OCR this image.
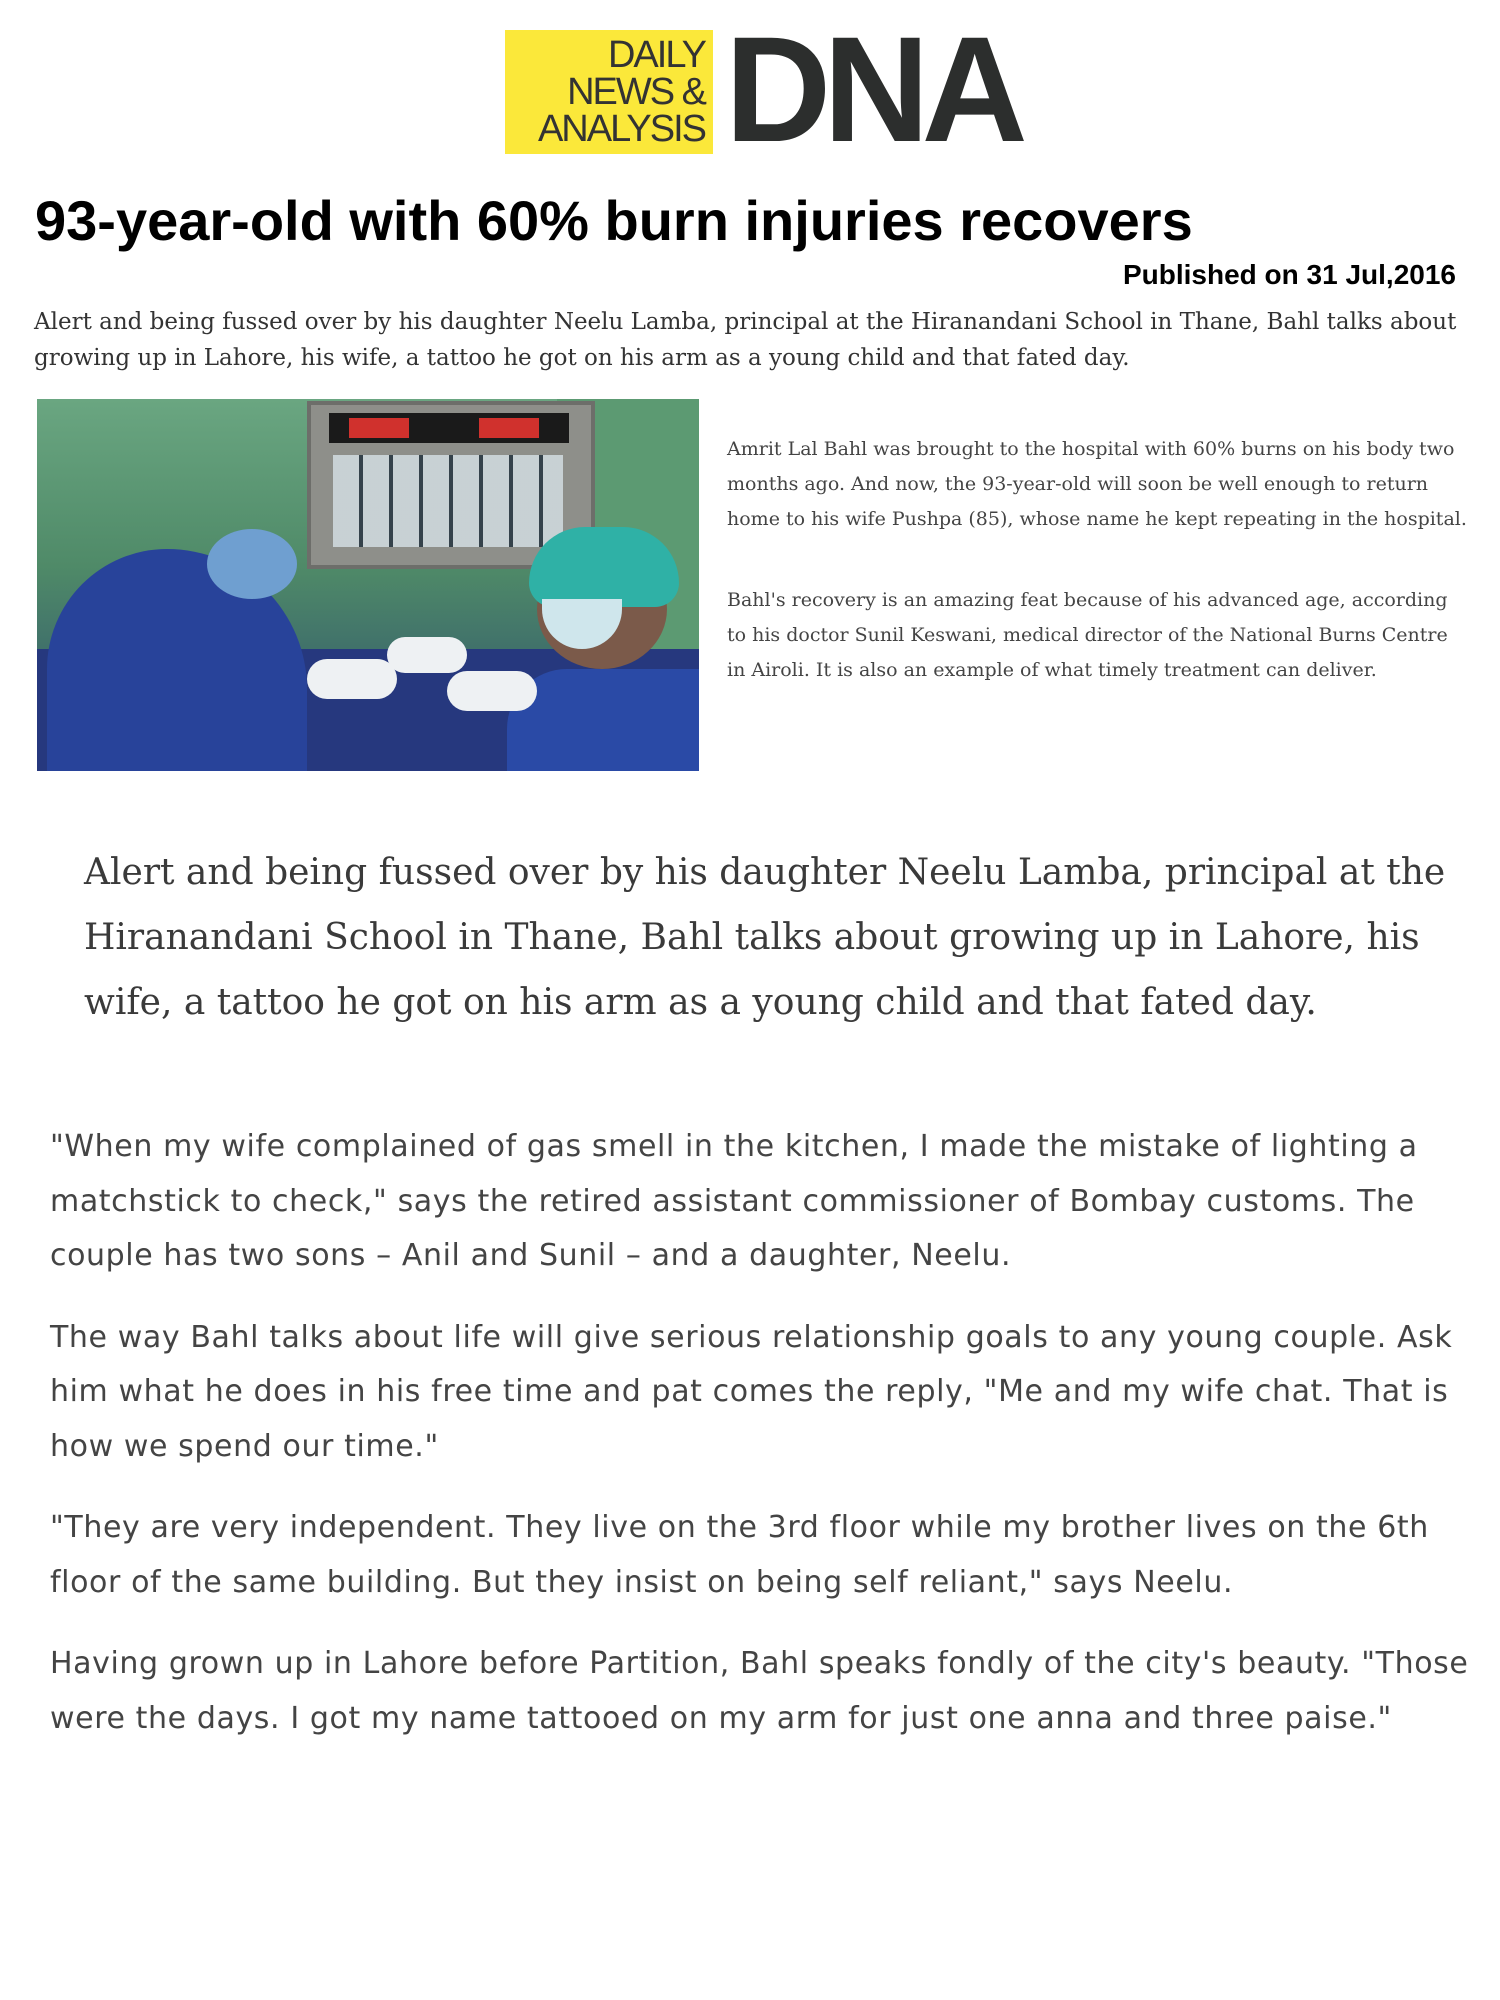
DAILY
NEWS &
ANALYSIS DNA
93-year-old with 60% burn injuries recovers
Published on 31 Jul,2016

Alert and being fussed over by his daughter Neelu Lamba, principal at the Hiranandani School in Thane, Bahl talks about growing up in Lahore, his wife, a tattoo he got on his arm as a young child and that fated day.

Amrit Lal Bahl was brought to the hospital with 60% burns on his body two months ago. And now, the 93-year-old will soon be well enough to return home to his wife Pushpa (85), whose name he kept repeating in the hospital.

Bahl's recovery is an amazing feat because of his advanced age, according to his doctor Sunil Keswani, medical director of the National Burns Centre in Airoli. It is also an example of what timely treatment can deliver.

Alert and being fussed over by his daughter Neelu Lamba, principal at the Hiranandani School in Thane, Bahl talks about growing up in Lahore, his wife, a tattoo he got on his arm as a young child and that fated day.

"When my wife complained of gas smell in the kitchen, I made the mistake of lighting a matchstick to check," says the retired assistant commissioner of Bombay customs. The couple has two sons – Anil and Sunil – and a daughter, Neelu.

The way Bahl talks about life will give serious relationship goals to any young couple. Ask him what he does in his free time and pat comes the reply, "Me and my wife chat. That is how we spend our time."

"They are very independent. They live on the 3rd floor while my brother lives on the 6th floor of the same building. But they insist on being self reliant," says Neelu.

Having grown up in Lahore before Partition, Bahl speaks fondly of the city's beauty. "Those were the days. I got my name tattooed on my arm for just one anna and three paise."
